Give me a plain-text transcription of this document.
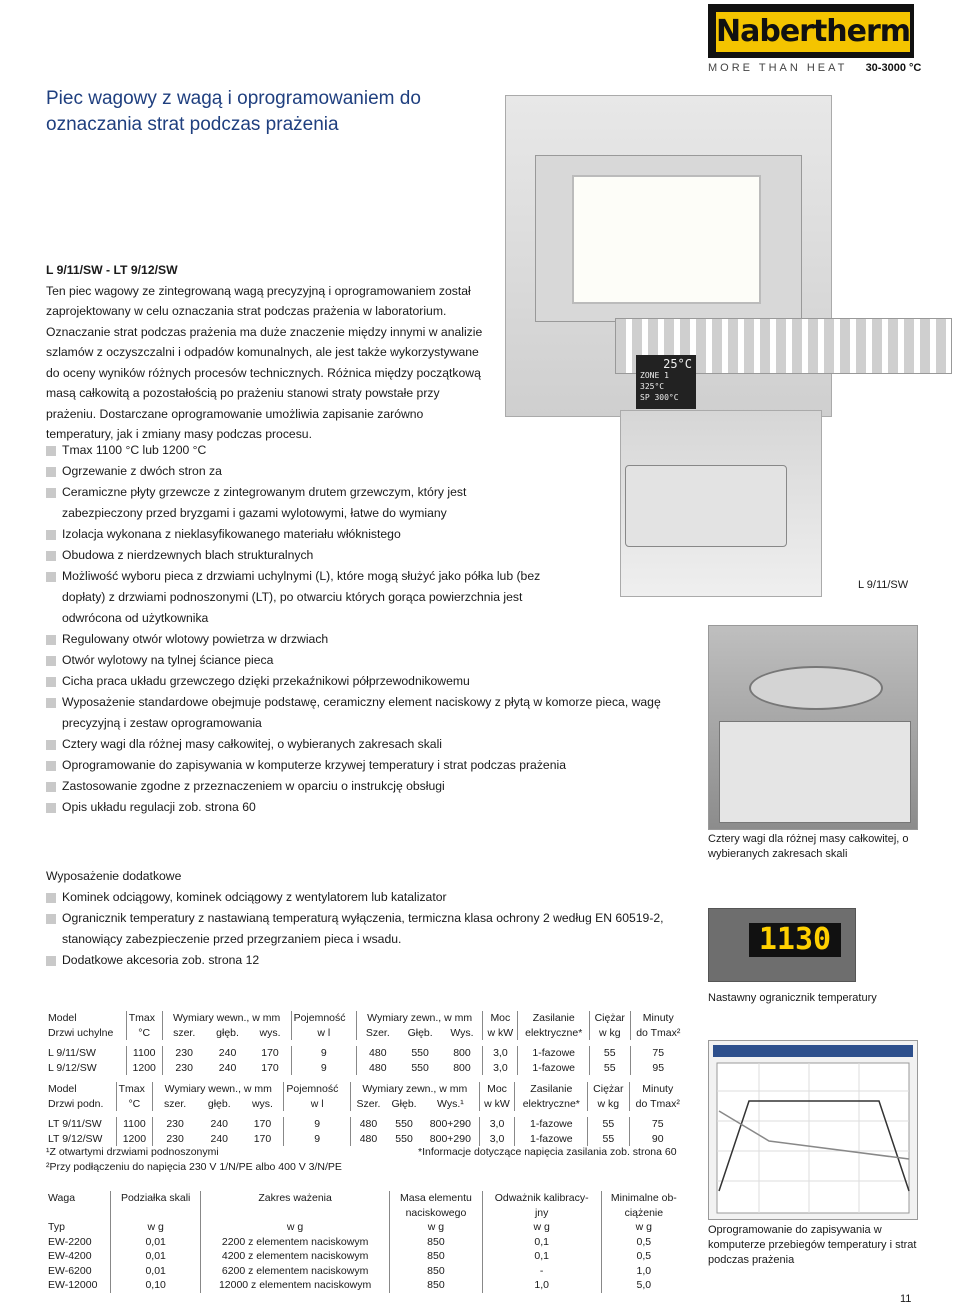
Nabertherm
MORE THAN HEAT 30-3000 °C
Piec wagowy z wagą i oprogramowaniem do
oznaczania strat podczas prażenia
L 9/11/SW - LT 9/12/SW
Ten piec wagowy ze zintegrowaną wagą precyzyjną i oprogramowaniem został zaprojektowany w celu oznaczania strat podczas prażenia w laboratorium. Oznaczanie strat podczas prażenia ma duże znaczenie między innymi w analizie szlamów z oczyszczalni i odpadów komunalnych, ale jest także wykorzystywane do oceny wyników różnych procesów technicznych. Różnica między początkową masą całkowitą a pozostałością po prażeniu stanowi straty powstałe przy prażeniu. Dostarczane oprogramowanie umożliwia zapisanie zarówno temperatury, jak i zmiany masy podczas procesu.
25°C
ZONE 1 325°C
SP 300°C
L 9/11/SW
Tmax 1100 °C lub 1200 °C
Ogrzewanie z dwóch stron za
Ceramiczne płyty grzewcze z zintegrowanym drutem grzewczym, który jest zabezpieczony przed bryzgami i gazami wylotowymi, łatwe do wymiany
Izolacja wykonana z nieklasyfikowanego materiału włóknistego
Obudowa z nierdzewnych blach strukturalnych
Możliwość wyboru pieca z drzwiami uchylnymi (L), które mogą służyć jako półka lub (bez dopłaty) z drzwiami podnoszonymi (LT), po otwarciu których gorąca powierzchnia jest odwrócona od użytkownika
Regulowany otwór wlotowy powietrza w drzwiach
Otwór wylotowy na tylnej ściance pieca
Cicha praca układu grzewczego dzięki przekaźnikowi półprzewodnikowemu
Wyposażenie standardowe obejmuje podstawę, ceramiczny element naciskowy z płytą w komorze pieca, wagę precyzyjną i zestaw oprogramowania
Cztery wagi dla różnej masy całkowitej, o wybieranych zakresach skali
Oprogramowanie do zapisywania w komputerze krzywej temperatury i strat podczas prażenia
Zastosowanie zgodne z przeznaczeniem w oparciu o instrukcję obsługi
Opis układu regulacji zob. strona 60
Cztery wagi dla różnej masy całkowitej, o wybieranych zakresach skali
Wyposażenie dodatkowe
Kominek odciągowy, kominek odciągowy z wentylatorem lub katalizator
Ogranicznik temperatury z nastawianą temperaturą wyłączenia, termiczna klasa ochrony 2 według EN 60519-2, stanowiący zabezpieczenie przed przegrzaniem pieca i wsadu.
Dodatkowe akcesoria zob. strona 12
1130
Nastawny ogranicznik temperatury
Oprogramowanie do zapisywania w komputerze przebiegów temperatury i strat podczas prażenia
Model	Tmax	Wymiary wewn., w mm			Pojemność	Wymiary zewn., w mm			Moc	Zasilanie	Ciężar	Minuty
Drzwi uchylne	°C	szer.	głęb.	wys.	w l	Szer.	Głęb.	Wys.	w kW	elektryczne*	w kg	do Tmax²

L 9/11/SW	1100	230	240	170	9	480	550	800	3,0	1-fazowe	55	75
L 9/12/SW	1200	230	240	170	9	480	550	800	3,0	1-fazowe	55	95
Model	Tmax	Wymiary wewn., w mm			Pojemność	Wymiary zewn., w mm			Moc	Zasilanie	Ciężar	Minuty
Drzwi podn.	°C	szer.	głęb.	wys.	w l	Szer.	Głęb.	Wys.¹	w kW	elektryczne*	w kg	do Tmax²

LT 9/11/SW	1100	230	240	170	9	480	550	800+290	3,0	1-fazowe	55	75
LT 9/12/SW	1200	230	240	170	9	480	550	800+290	3,0	1-fazowe	55	90
¹Z otwartymi drzwiami podnoszonymi
²Przy podłączeniu do napięcia 230 V 1/N/PE albo 400 V 3/N/PE
*Informacje dotyczące napięcia zasilania zob. strona 60
Waga	Podziałka skali	Zakres ważenia	Masa elementu	Odważnik kalibracy-	Minimalne ob-
			naciskowego	jny	ciążenie
Typ	w g	w g	w g	w g	w g
EW-2200	0,01	2200 z elementem naciskowym	850	0,1	0,5
EW-4200	0,01	4200 z elementem naciskowym	850	0,1	0,5
EW-6200	0,01	6200 z elementem naciskowym	850	-	1,0
EW-12000	0,10	12000 z elementem naciskowym	850	1,0	5,0
11
